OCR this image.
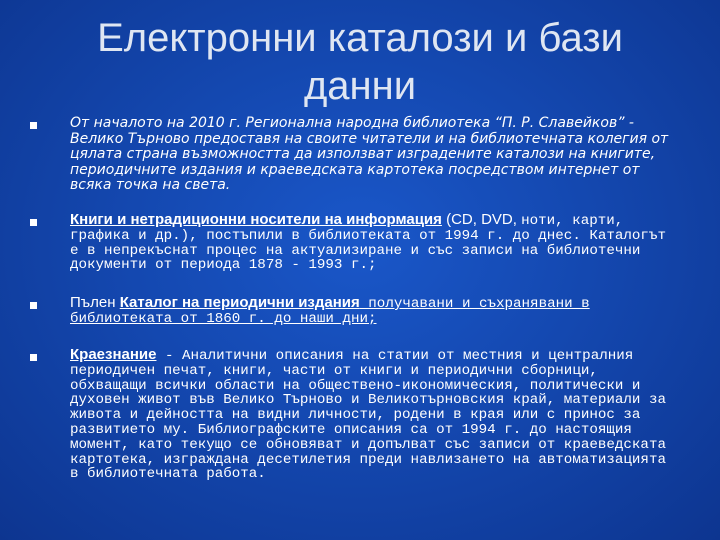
Електронни каталози и бази данни
От началото на 2010 г. Регионална народна библиотека “П. Р. Славейков” - Велико Търново предоставя на своите читатели и на библиотечната колегия от цялата страна възможността да използват изградените каталози на книгите, периодичните издания и краеведската картотека посредством интернет от всяка точка на света.
Книги и нетрадиционни носители на информация (CD, DVD, ноти, карти, графика и др.), постъпили в библиотеката от 1994 г. до днес. Каталогът е в непрекъснат процес на актуализиране и със записи на библиотечни документи от периода 1878 - 1993 г.;
Пълен Каталог на периодични издания получавани и съхранявани в библиотеката от 1860 г. до наши дни;
Краезнание - Аналитични описания на статии от местния и централния периодичен печат, книги, части от книги и периодични сборници, обхващащи всички области на обществено-икономическия, политически и духовен живот във Велико Търново и Великотърновския край, материали за живота и дейността на видни личности, родени в края или с принос за развитието му. Библиографските описания са от 1994 г. до настоящия момент, като текущо се обновяват и допълват със записи от краеведската картотека, изграждана десетилетия преди навлизането на автоматизацията в библиотечната работа.
